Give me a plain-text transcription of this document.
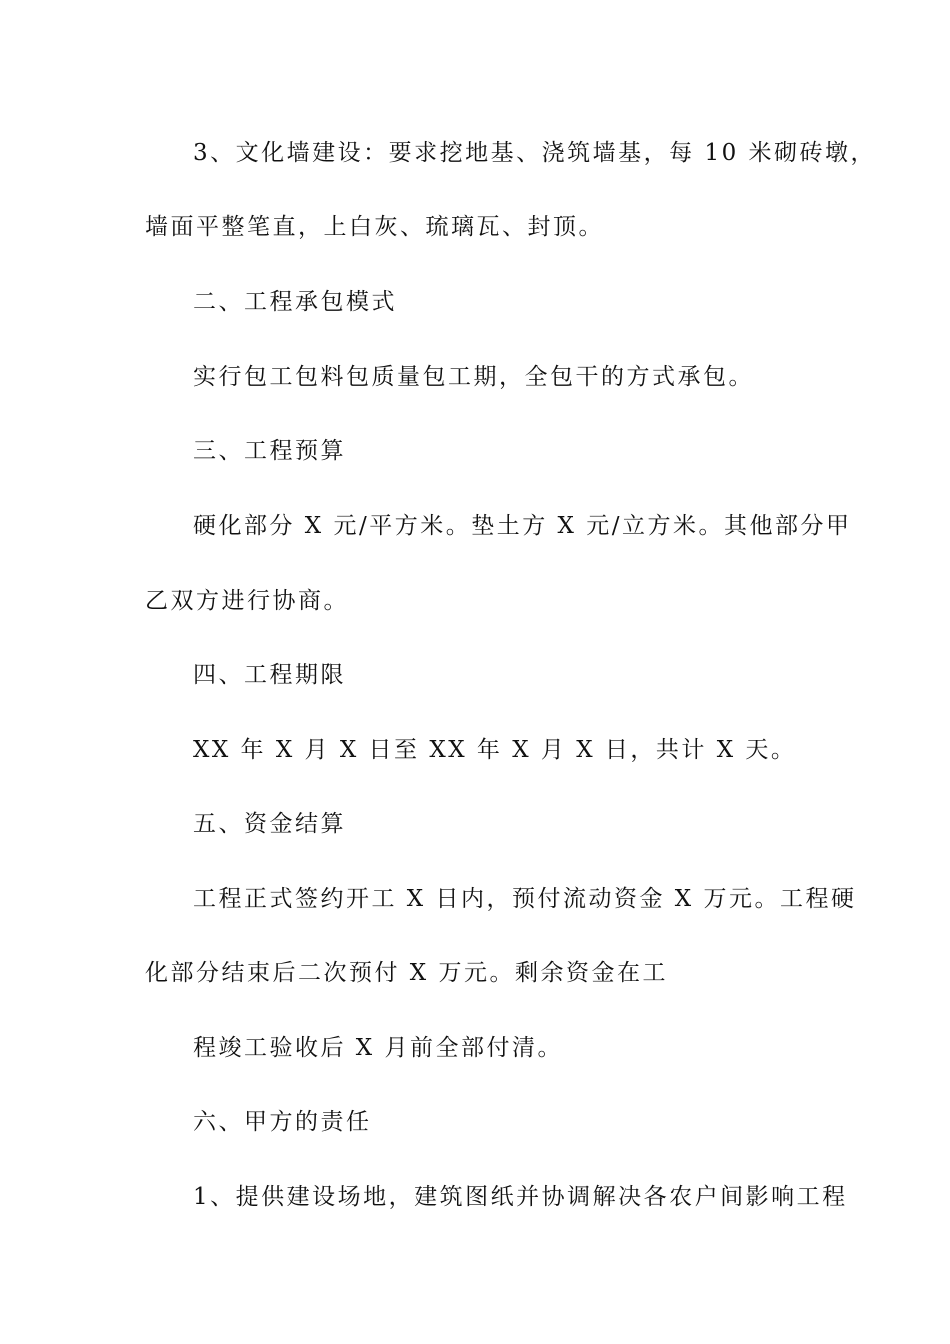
3、文化墙建设：要求挖地基、浇筑墙基，每 10 米砌砖墩，
墙面平整笔直，上白灰、琉璃瓦、封顶。
二、工程承包模式
实行包工包料包质量包工期，全包干的方式承包。
三、工程预算
硬化部分 X 元/平方米。垫土方 X 元/立方米。其他部分甲
乙双方进行协商。
四、工程期限
XX 年 X 月 X 日至 XX 年 X 月 X 日，共计 X 天。
五、资金结算
工程正式签约开工 X 日内，预付流动资金 X 万元。工程硬
化部分结束后二次预付 X 万元。剩余资金在工
程竣工验收后 X 月前全部付清。
六、甲方的责任
1、提供建设场地，建筑图纸并协调解决各农户间影响工程
